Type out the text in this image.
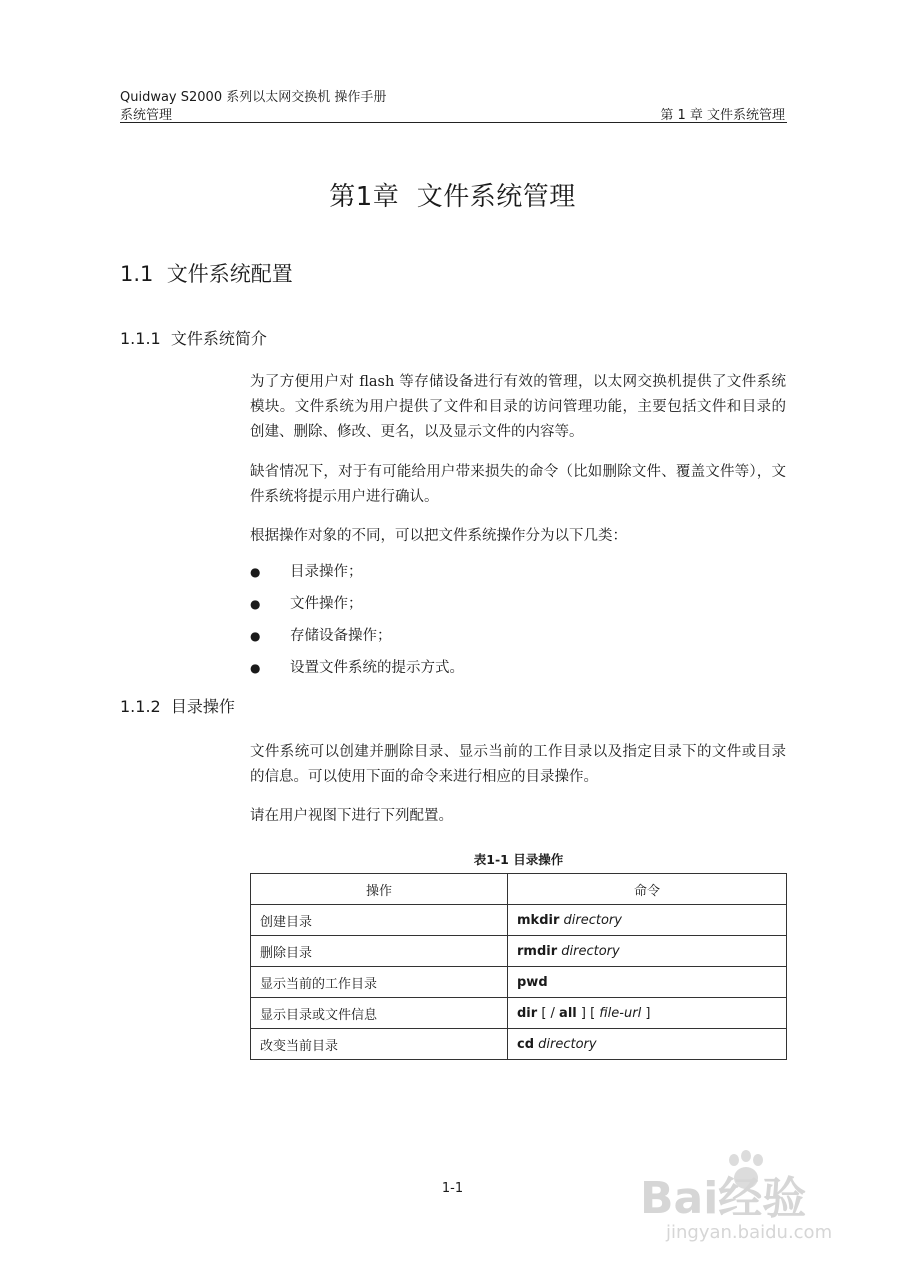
Quidway S2000 系列以太网交换机 操作手册
系统管理	第 1 章 文件系统管理
第1章 文件系统管理
1.1 文件系统配置
1.1.1 文件系统简介
为了方便用户对 flash 等存储设备进行有效的管理，以太网交换机提供了文件系统模块。文件系统为用户提供了文件和目录的访问管理功能，主要包括文件和目录的创建、删除、修改、更名，以及显示文件的内容等。
缺省情况下，对于有可能给用户带来损失的命令（比如删除文件、覆盖文件等），文件系统将提示用户进行确认。
根据操作对象的不同，可以把文件系统操作分为以下几类：
● 目录操作；
● 文件操作；
● 存储设备操作；
● 设置文件系统的提示方式。
1.1.2 目录操作
文件系统可以创建并删除目录、显示当前的工作目录以及指定目录下的文件或目录的信息。可以使用下面的命令来进行相应的目录操作。
请在用户视图下进行下列配置。
表1-1 目录操作
操作	命令
创建目录	mkdir directory
删除目录	rmdir directory
显示当前的工作目录	pwd
显示目录或文件信息	dir [ / all ] [ file-url ]
改变当前目录	cd directory
1-1	Bai经验
jingyan.baidu.com
